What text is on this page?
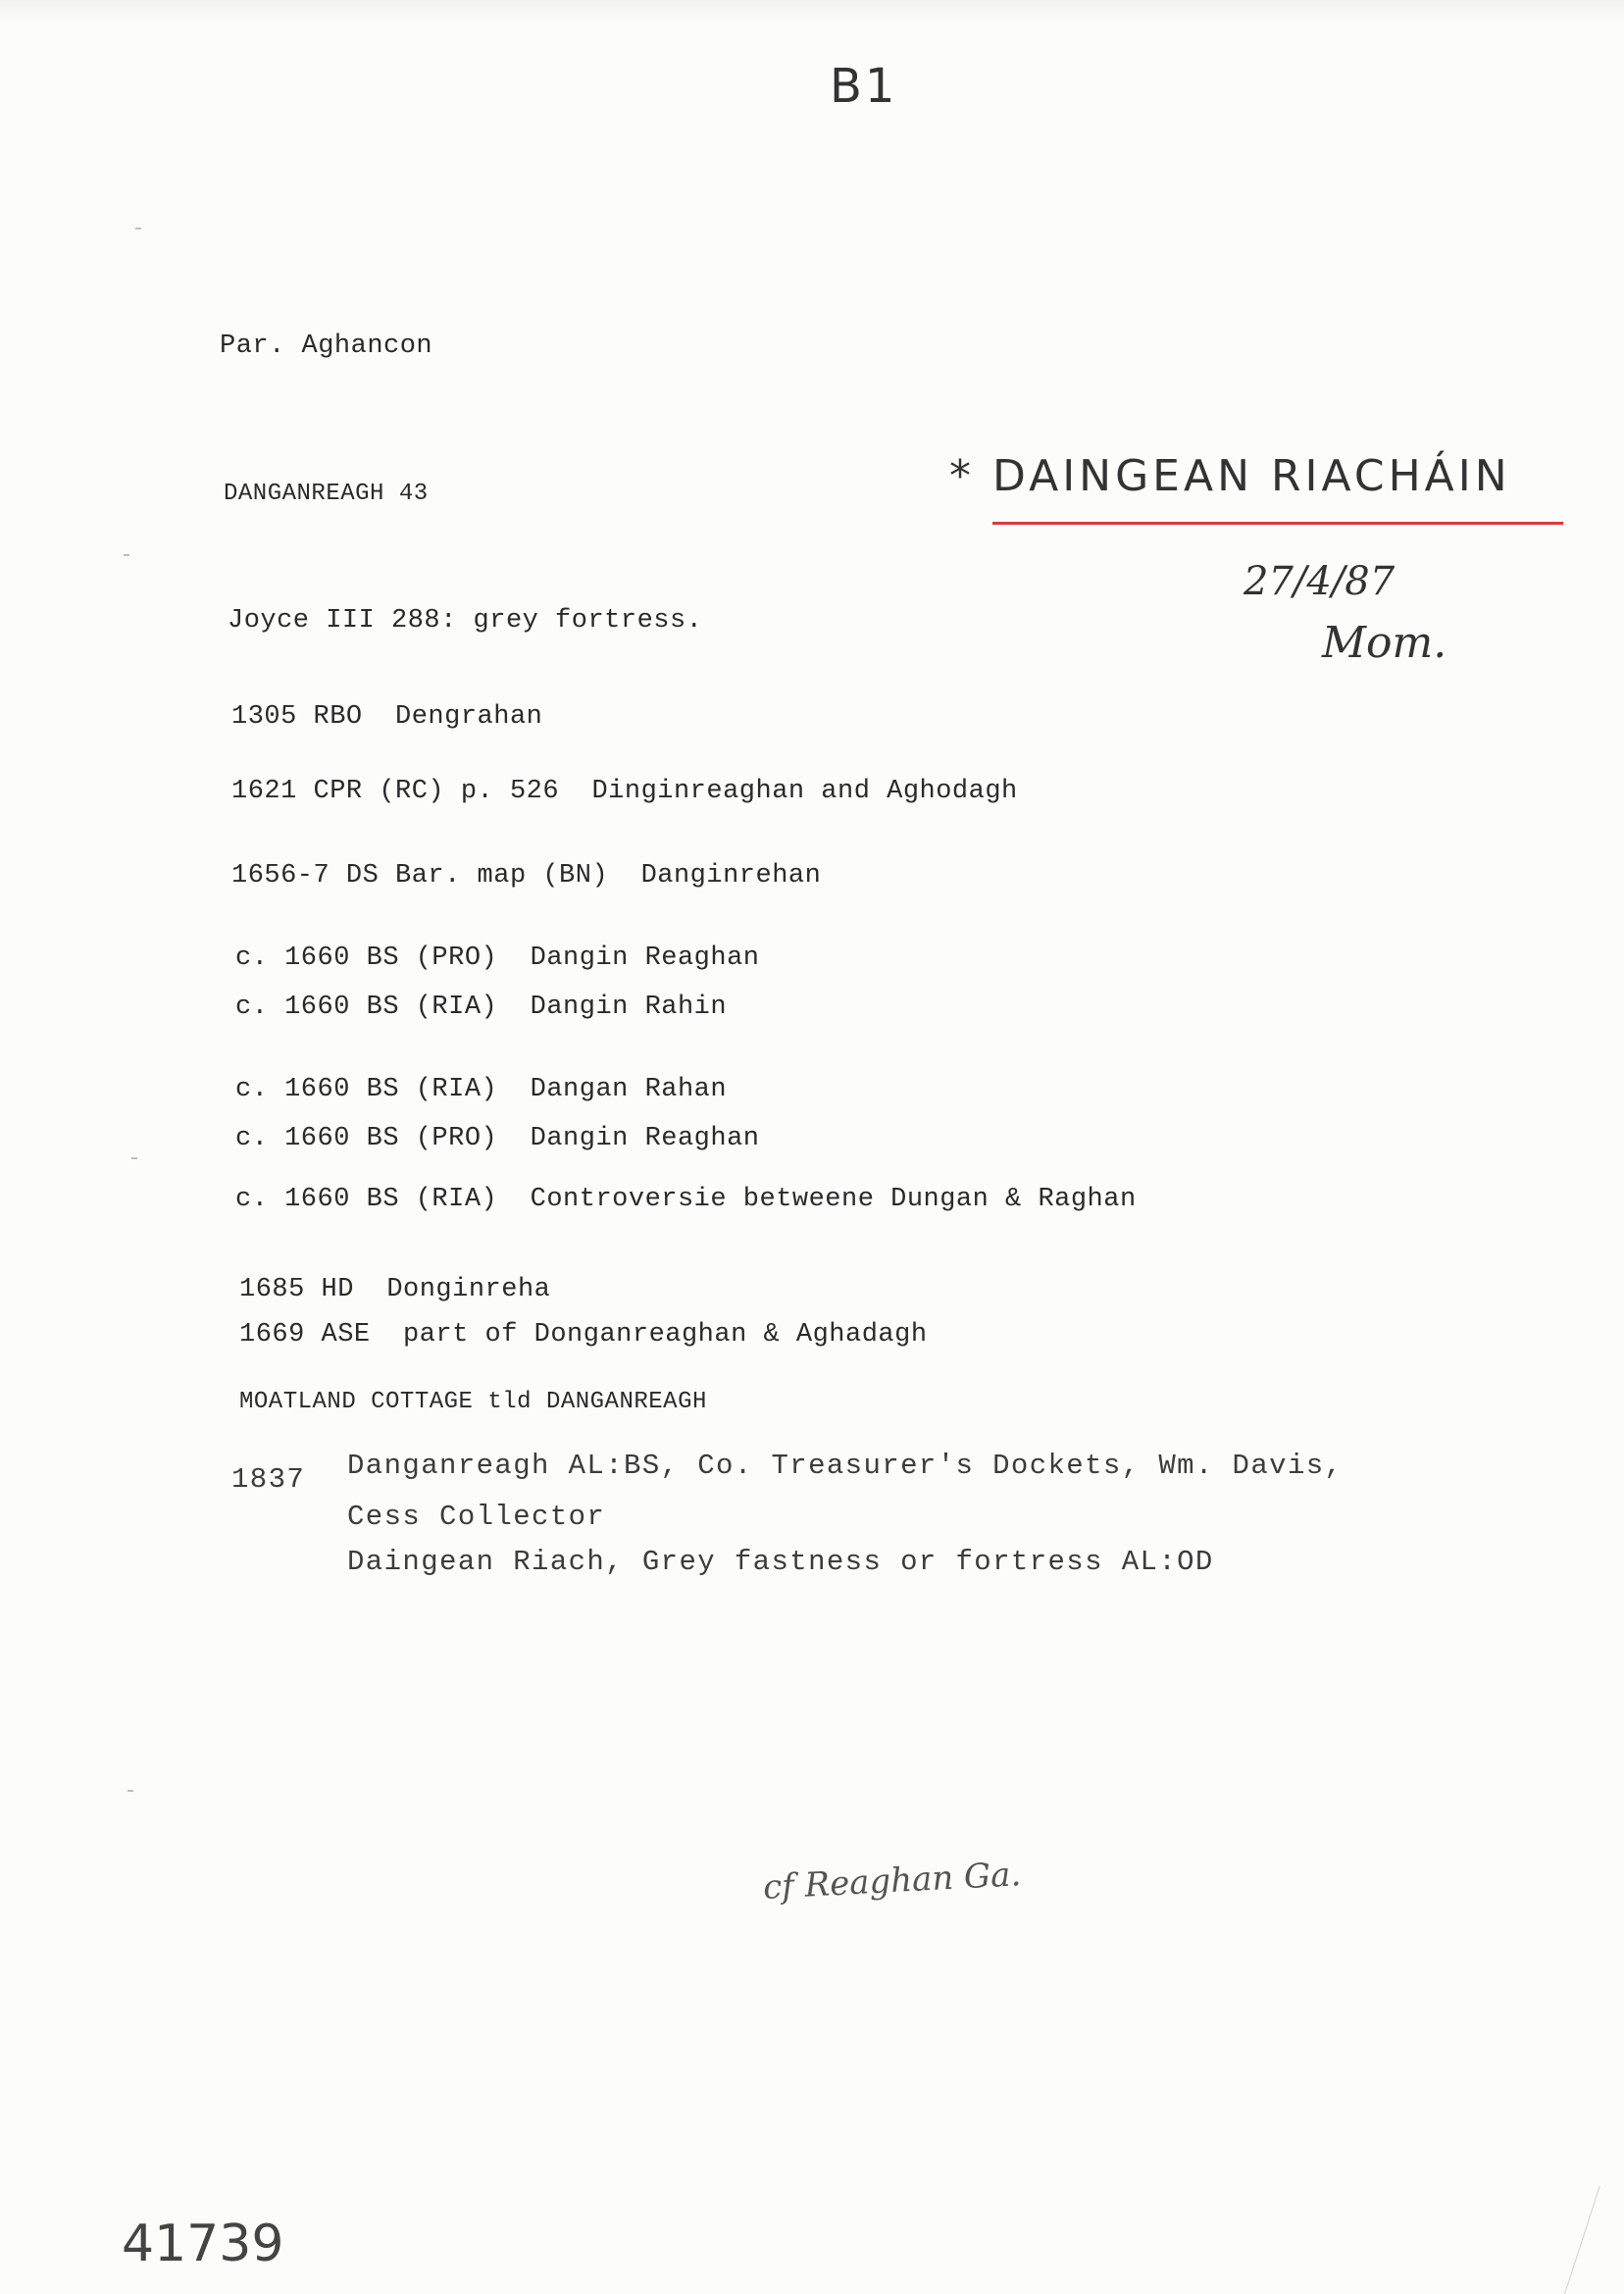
B1
* DAINGEAN RIACHÁIN
27/4/87
Mom.
Par. Aghancon
DANGANREAGH 43
Joyce III 288: grey fortress.
1305 RBO Dengrahan
1621 CPR (RC) p. 526 Dinginreaghan and Aghodagh
1656-7 DS Bar. map (BN) Danginrehan
c. 1660 BS (PRO) Dangin Reaghan
c. 1660 BS (RIA) Dangin Rahin
c. 1660 BS (RIA) Dangan Rahan
c. 1660 BS (PRO) Dangin Reaghan
c. 1660 BS (RIA) Controversie betweene Dungan & Raghan
1685 HD Donginreha
1669 ASE part of Donganreaghan & Aghadagh
MOATLAND COTTAGE tld DANGANREAGH
1837 Danganreagh AL:BS, Co. Treasurer's Dockets, Wm. Davis,
Cess Collector
Daingean Riach, Grey fastness or fortress AL:OD
cf Reaghan Ga.
41739
